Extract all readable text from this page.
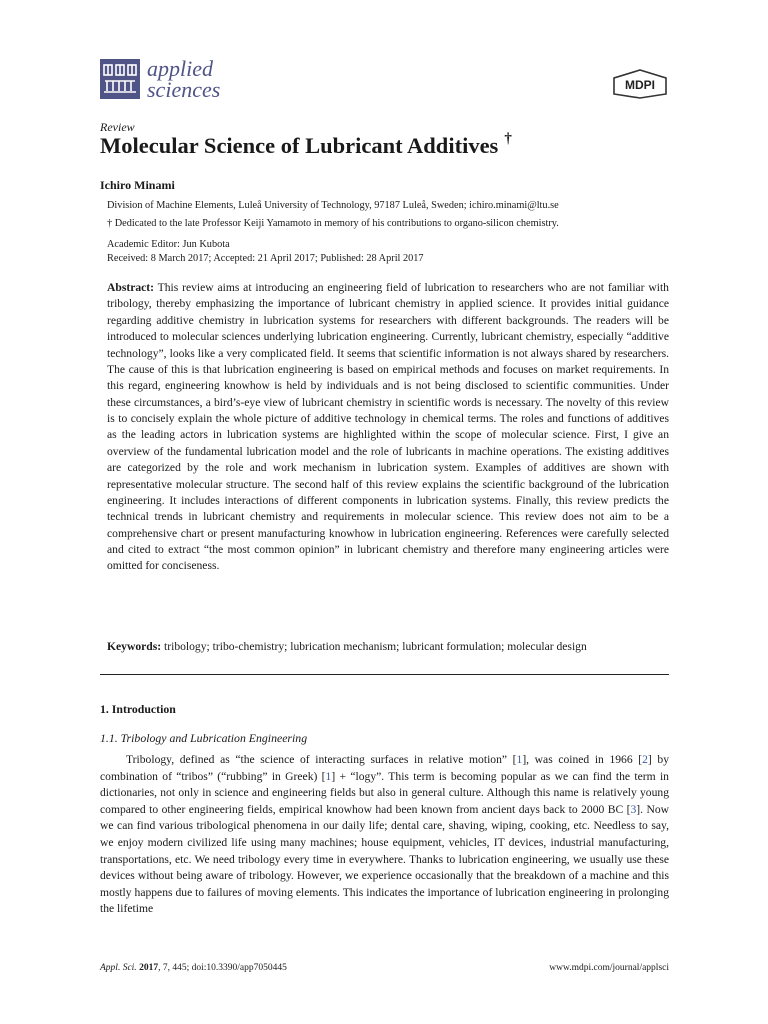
applied
sciences	MDPI
Review
Molecular Science of Lubricant Additives †
Ichiro Minami
Division of Machine Elements, Luleå University of Technology, 97187 Luleå, Sweden; ichiro.minami@ltu.se
† Dedicated to the late Professor Keiji Yamamoto in memory of his contributions to organo-silicon chemistry.
Academic Editor: Jun Kubota
Received: 8 March 2017; Accepted: 21 April 2017; Published: 28 April 2017
Abstract: This review aims at introducing an engineering field of lubrication to researchers who are not familiar with tribology, thereby emphasizing the importance of lubricant chemistry in applied science. It provides initial guidance regarding additive chemistry in lubrication systems for researchers with different backgrounds. The readers will be introduced to molecular sciences underlying lubrication engineering. Currently, lubricant chemistry, especially “additive technology”, looks like a very complicated field. It seems that scientific information is not always shared by researchers. The cause of this is that lubrication engineering is based on empirical methods and focuses on market requirements. In this regard, engineering knowhow is held by individuals and is not being disclosed to scientific communities. Under these circumstances, a bird’s-eye view of lubricant chemistry in scientific words is necessary. The novelty of this review is to concisely explain the whole picture of additive technology in chemical terms. The roles and functions of additives as the leading actors in lubrication systems are highlighted within the scope of molecular science. First, I give an overview of the fundamental lubrication model and the role of lubricants in machine operations. The existing additives are categorized by the role and work mechanism in lubrication system. Examples of additives are shown with representative molecular structure. The second half of this review explains the scientific background of the lubrication engineering. It includes interactions of different components in lubrication systems. Finally, this review predicts the technical trends in lubricant chemistry and requirements in molecular science. This review does not aim to be a comprehensive chart or present manufacturing knowhow in lubrication engineering. References were carefully selected and cited to extract “the most common opinion” in lubricant chemistry and therefore many engineering articles were omitted for conciseness.
Keywords: tribology; tribo-chemistry; lubrication mechanism; lubricant formulation; molecular design
1. Introduction
1.1. Tribology and Lubrication Engineering
Tribology, defined as “the science of interacting surfaces in relative motion” [1], was coined in 1966 [2] by combination of “tribos” (“rubbing” in Greek) [1] + “logy”. This term is becoming popular as we can find the term in dictionaries, not only in science and engineering fields but also in general culture. Although this name is relatively young compared to other engineering fields, empirical knowhow had been known from ancient days back to 2000 BC [3]. Now we can find various tribological phenomena in our daily life; dental care, shaving, wiping, cooking, etc. Needless to say, we enjoy modern civilized life using many machines; house equipment, vehicles, IT devices, industrial manufacturing, transportations, etc. We need tribology every time in everywhere. Thanks to lubrication engineering, we usually use these devices without being aware of tribology. However, we experience occasionally that the breakdown of a machine and this mostly happens due to failures of moving elements. This indicates the importance of lubrication engineering in prolonging the lifetime
Appl. Sci. 2017, 7, 445; doi:10.3390/app7050445	www.mdpi.com/journal/applsci
